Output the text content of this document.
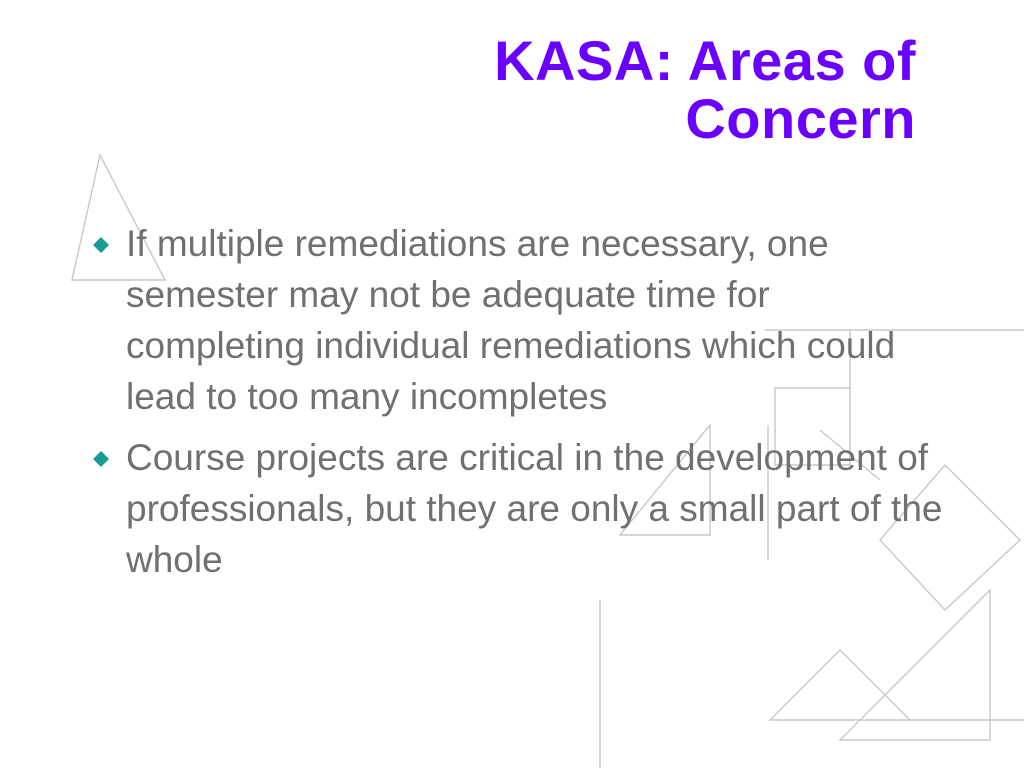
KASA: Areas of
Concern
If multiple remediations are necessary, one semester may not be adequate time for completing individual remediations which could lead to too many incompletes
Course projects are critical in the development of professionals, but they are only a small part of the whole
